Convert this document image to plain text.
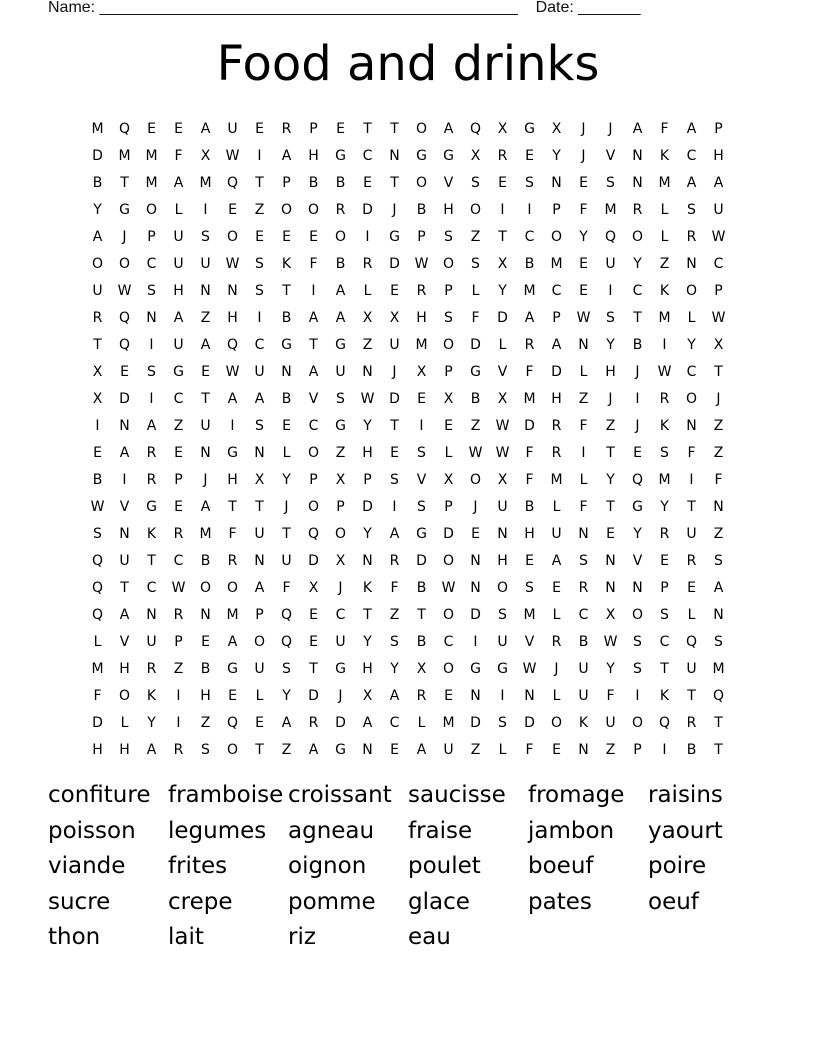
Name: _______________________________________________ Date: _______
Food and drinks
M	Q	E	E	A	U	E	R	P	E	T	T	O	A	Q	X	G	X	J	J	A	F	A	P
D	M	M	F	X	W	I	A	H	G	C	N	G	G	X	R	E	Y	J	V	N	K	C	H
B	T	M	A	M	Q	T	P	B	B	E	T	O	V	S	E	S	N	E	S	N	M	A	A
Y	G	O	L	I	E	Z	O	O	R	D	J	B	H	O	I	I	P	F	M	R	L	S	U
A	J	P	U	S	O	E	E	E	O	I	G	P	S	Z	T	C	O	Y	Q	O	L	R	W
O	O	C	U	U	W	S	K	F	B	R	D	W	O	S	X	B	M	E	U	Y	Z	N	C
U	W	S	H	N	N	S	T	I	A	L	E	R	P	L	Y	M	C	E	I	C	K	O	P
R	Q	N	A	Z	H	I	B	A	A	X	X	H	S	F	D	A	P	W	S	T	M	L	W
T	Q	I	U	A	Q	C	G	T	G	Z	U	M	O	D	L	R	A	N	Y	B	I	Y	X
X	E	S	G	E	W	U	N	A	U	N	J	X	P	G	V	F	D	L	H	J	W	C	T
X	D	I	C	T	A	A	B	V	S	W	D	E	X	B	X	M	H	Z	J	I	R	O	J
I	N	A	Z	U	I	S	E	C	G	Y	T	I	E	Z	W	D	R	F	Z	J	K	N	Z
E	A	R	E	N	G	N	L	O	Z	H	E	S	L	W W	F	R	I	T	E	S	F	Z
B	I	R	P	J	H	X	Y	P	X	P	S	V	X	O	X	F	M	L	Y	Q	M	I	F
W	V	G	E	A	T	T	J	O	P	D	I	S	P	J	U	B	L	F	T	G	Y	T	N
S	N	K	R	M	F	U	T	Q	O	Y	A	G	D	E	N	H	U	N	E	Y	R	U	Z
Q	U	T	C	B	R	N	U	D	X	N	R	D	O	N	H	E	A	S	N	V	E	R	S
Q	T	C	W	O	O	A	F	X	J	K	F	B	W	N	O	S	E	R	N	N	P	E	A
Q	A	N	R	N	M	P	Q	E	C	T	Z	T	O	D	S	M	L	C	X	O	S	L	N
L	V	U	P	E	A	O	Q	E	U	Y	S	B	C	I	U	V	R	B	W	S	C	Q	S
M	H	R	Z	B	G	U	S	T	G	H	Y	X	O	G	G	W	J	U	Y	S	T	U	M
F	O	K	I	H	E	L	Y	D	J	X	A	R	E	N	I	N	L	U	F	I	K	T	Q
D	L	Y	I	Z	Q	E	A	R	D	A	C	L	M	D	S	D	O	K	U	O	Q	R	T
H	H	A	R	S	O	T	Z	A	G	N	E	A	U	Z	L	F	E	N	Z	P	I	B	T
confiture framboise croissant saucisse fromage	raisins
poisson	legumes agneau	fraise	jambon	yaourt
viande	frites	oignon	poulet	boeuf	poire
sucre	crepe	pomme	glace	pates	oeuf
thon	lait	riz	eau
